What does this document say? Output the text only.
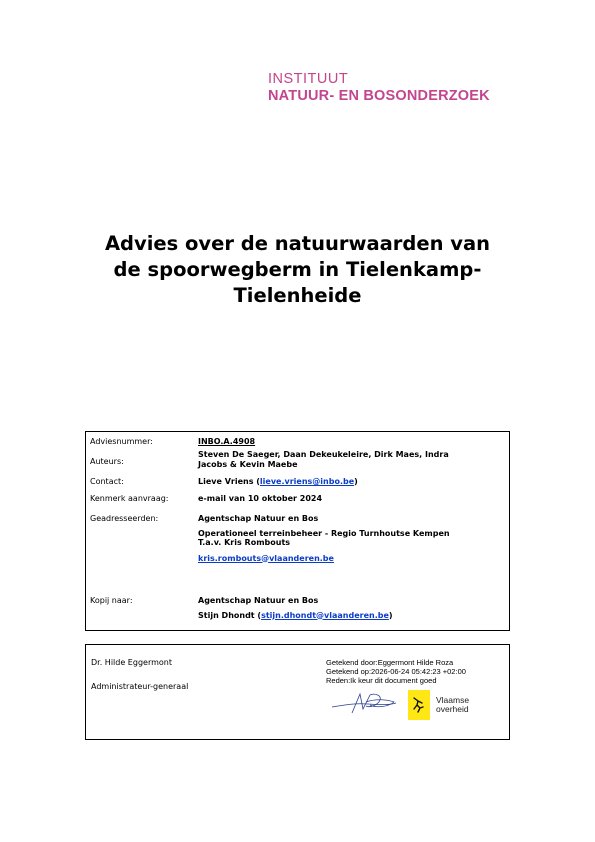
INSTITUUT
NATUUR- EN BOSONDERZOEK
Advies over de natuurwaarden van
de spoorwegberm in Tielenkamp-
Tielenheide
Adviesnummer:	INBO.A.4908
Auteurs:
Steven De Saeger, Daan Dekeukeleire, Dirk Maes, Indra
Jacobs & Kevin Maebe
Contact:	Lieve Vriens (lieve.vriens@inbo.be)
Kenmerk aanvraag:	e-mail van 10 oktober 2024
Geadresseerden:	Agentschap Natuur en Bos
Operationeel terreinbeheer - Regio Turnhoutse Kempen
T.a.v. Kris Rombouts
kris.rombouts@vlaanderen.be
Kopij naar:	Agentschap Natuur en Bos
Stijn Dhondt (stijn.dhondt@vlaanderen.be)
Dr. Hilde Eggermont
Administrateur-generaal
Getekend door:Eggermont Hilde Roza
Getekend op:2026-06-24 05:42:23 +02:00
Reden:Ik keur dit document goed
Vlaamse
overheid
